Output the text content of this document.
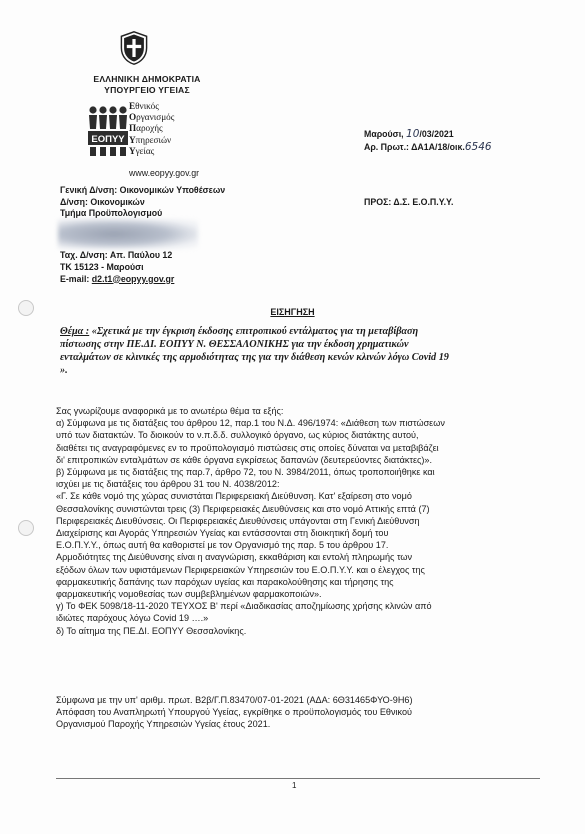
ΕΛΛΗΝΙΚΗ ΔΗΜΟΚΡΑΤΙΑ
ΥΠΟΥΡΓΕΙΟ ΥΓΕΙΑΣ
ΕΟΠΥΥ
Εθνικός
Οργανισμός
Παροχής
Υπηρεσιών
Υγείας
www.eopyy.gov.gr
Γενική Δ/νση: Οικονομικών Υποθέσεων
Δ/νση: Οικονομικών
Τμήμα Προϋπολογισμού
Ταχ. Δ/νση: Απ. Παύλου 12
ΤΚ 15123 - Μαρούσι
E-mail: d2.t1@eopyy.gov.gr
Μαρούσι, 10/03/2021
Αρ. Πρωτ.: ΔΑ1Α/18/οικ.6546
ΠΡΟΣ: Δ.Σ. Ε.Ο.Π.Υ.Υ.
ΕΙΣΗΓΗΣΗ
Θέμα : «Σχετικά με την έγκριση έκδοσης επιτροπικού εντάλματος για τη μεταβίβαση
πίστωσης στην ΠΕ.ΔΙ. ΕΟΠΥΥ Ν. ΘΕΣΣΑΛΟΝΙΚΗΣ για την έκδοση χρηματικών
ενταλμάτων σε κλινικές της αρμοδιότητας της για την διάθεση κενών κλινών λόγω Covid 19
».
Σας γνωρίζουμε αναφορικά με το ανωτέρω θέμα τα εξής:
α) Σύμφωνα με τις διατάξεις του άρθρου 12, παρ.1 του Ν.Δ. 496/1974: «Διάθεση των πιστώσεων
υπό των διατακτών. Το διοικούν το ν.π.δ.δ. συλλογικό όργανο, ως κύριος διατάκτης αυτού,
διαθέτει τις αναγραφόμενες εν το προϋπολογισμό πιστώσεις στις οποίες δύναται να μεταβιβάζει
δι' επιτροπικών ενταλμάτων σε κάθε όργανα εγκρίσεως δαπανών (δευτερεύοντες διατάκτες)».
β) Σύμφωνα με τις διατάξεις της παρ.7, άρθρο 72, του Ν. 3984/2011, όπως τροποποιήθηκε και
ισχύει με τις διατάξεις του άρθρου 31 του Ν. 4038/2012:
«Γ. Σε κάθε νομό της χώρας συνιστάται Περιφερειακή Διεύθυνση. Κατ' εξαίρεση στο νομό
Θεσσαλονίκης συνιστώνται τρεις (3) Περιφερειακές Διευθύνσεις και στο νομό Αττικής επτά (7)
Περιφερειακές Διευθύνσεις. Οι Περιφερειακές Διευθύνσεις υπάγονται στη Γενική Διεύθυνση
Διαχείρισης και Αγοράς Υπηρεσιών Υγείας και εντάσσονται στη διοικητική δομή του
Ε.Ο.Π.Υ.Υ., όπως αυτή θα καθοριστεί με τον Οργανισμό της παρ. 5 του άρθρου 17.
Αρμοδιότητες της Διεύθυνσης είναι η αναγνώριση, εκκαθάριση και εντολή πληρωμής των
εξόδων όλων των υφιστάμενων Περιφερειακών Υπηρεσιών του Ε.Ο.Π.Υ.Υ. και ο έλεγχος της
φαρμακευτικής δαπάνης των παρόχων υγείας και παρακολούθησης και τήρησης της
φαρμακευτικής νομοθεσίας των συμβεβλημένων φαρμακοποιών».
γ) Το ΦΕΚ 5098/18-11-2020 ΤΕΥΧΟΣ Β' περί «Διαδικασίας αποζημίωσης χρήσης κλινών από
ιδιώτες παρόχους λόγω Covid 19 ….»
δ) Το αίτημα της ΠΕ.ΔΙ. ΕΟΠΥΥ Θεσσαλονίκης.
Σύμφωνα με την υπ' αριθμ. πρωτ. Β2β/Γ.Π.83470/07-01-2021 (ΑΔΑ: 6Θ31465ΦΥΟ-9Η6)
Απόφαση του Αναπληρωτή Υπουργού Υγείας, εγκρίθηκε ο προϋπολογισμός του Εθνικού
Οργανισμού Παροχής Υπηρεσιών Υγείας έτους 2021.
1
